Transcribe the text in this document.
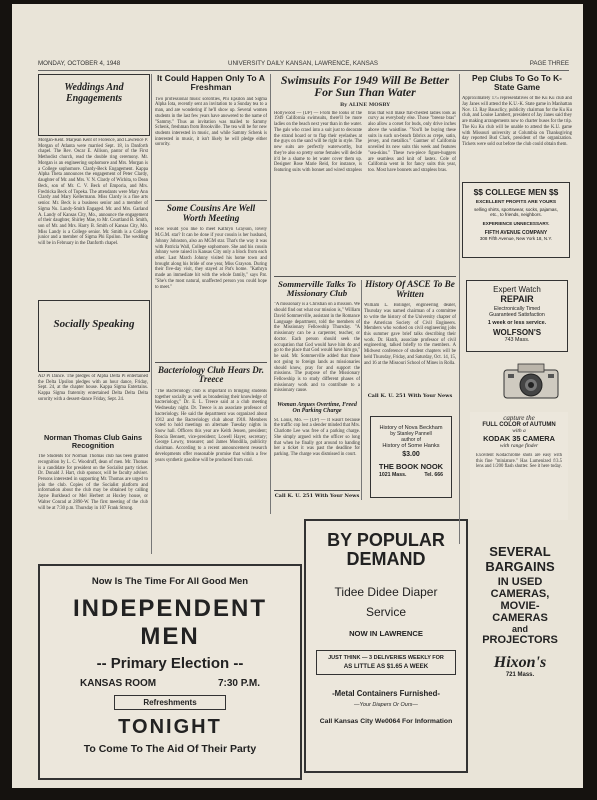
MONDAY, OCTOBER 4, 1948	UNIVERSITY DAILY KANSAN, LAWRENCE, KANSAS	PAGE THREE
Weddings And Engagements
Morgan-Kent. Marjean Kent of Florence, and Lawrence P. Morgan of Atlanta were married Sept. 18, in Danforth chapel. The Rev. Oscar E. Allison, pastor of the First Methodist church, read the double ring ceremony. Mr. Morgan is an engineering sophomore and Mrs. Morgan is a College sophomore. Clardy-Beck Engagement. Kappa Alpha Theta announces the engagement of Peter Clardy, daughter of Mr. and Mrs. V. N. Clardy of Wichita, to Dean Beck, son of Mr. C. V. Beck of Emporia, and Mrs. Fredricka Beck of Topeka. The attendants were Mary Ann Clardy and Mary Kellermann. Miss Clardy is a fine arts senior. Mr. Beck is a business senior and a member of Sigma Nu. Landy-Smith Engaged. Mr. and Mrs. Garland A. Landy of Kansas City, Mo., announce the engagement of their daughter, Shirley Mae, to Mr. Courtland B. Smith, son of Mr. and Mrs. Harry B. Smith of Kansas City, Mo. Miss Landy is a College senior. Mr. Smith is a College junior and a member of Sigma Phi Epsilon. The wedding will be in February in the Danforth chapel.
Socially Speaking
AD Pi Dance. The pledges of Alpha Delta Pi entertained the Delta Upsilon pledges with an hour dance, Friday, Sept. 24, at the chapter house. Kappa Sigma Entertains. Kappa Sigma fraternity entertained Delta Delta Delta sorority with a dessert-dance Friday, Sept. 24.
Norman Thomas Club Gains Recognition
The Students for Norman Thomas club has been granted recognition by L. C. Woodruff, dean of men. Mr. Thomas is a candidate for president on the Socialist party ticket. Dr. Donald J. Hart, club sponsor, will be faculty adviser. Persons interested in supporting Mr. Thomas are urged to join the club. Copies of the Socialist platform and information about the club may be obtained by calling Jayne Burkhead or Mel Herbert at Hoxley house, or Walter Conrad at 2890-W. The first meeting of the club will be at 7:30 p.m. Thursday in 107 Frank Strong.
It Could Happen Only To A Freshman
Two professional music sororities, Phi Epsilon and Sigma Alpha Iota, recently sent an invitation to a Sunday tea to a man, and are wondering if he'll show up. Several women students in the last few years have answered to the name of "Sammy." Thus an invitation was mailed to Sammy Schenk, freshman from Brookville. The tea will be for new students interested in music, and while Sammy Schenk is interested in music, it isn't likely he will pledge either sorority.
Some Cousins Are Well Worth Meeting
How would you like to meet Kathryn Grayson, lovely M.G.M. star? It can be done if your cousin is her husband, Johnny Johnston, also an MGM star. That's the way it was with Patricia Wall, College sophomore. She and his cousin Johnny were raised in Kansas City only a block from each other. Last March Johnny visited his home town and brought along his bride of one year, Miss Grayson. During their five-day visit, they stayed at Pat's home. "Kathryn made an immediate hit with the whole family," says Pat. "She's the most natural, unaffected person you could hope to meet."
Bacteriology Club Hears Dr. Treece
"The Bacteriology club is important in bringing students together socially as well as broadening their knowledge of bacteriology," Dr. E. L. Treece said at a club meeting Wednesday night. Dr. Treece is an associate professor of bacteriology. He said the department was organized about 1912 and the Bacteriology club about 1918. Members voted to hold meetings on alternate Tuesday nights in Snow hall. Officers this year are Keith Jensen, president; Roscia Bennett, vice-president; Lowell Hayer, secretary; George Lowry, treasurer; and James Mondilla, publicity chairman. According to a recent announcement research developments offer reasonable promise that within a few years synthetic gasoline will be produced from coal.
Swimsuits For 1949 Will Be Better For Sun Than Water
By ALINE MOSBY
Hollywood — (UP) — From the looks of the 1949 California swimsuits, there'll be more ladies on the beach next year than in the water. The gals who crawl into a suit just to decorate the strand hoard or to flap their eyelashes at the guys on the sand will be right in style. The new suits are perfectly waterworthy, but they're also so pretty some females will decide it'd be a shame to let water cover them up. Designer Rose Marie Reid, for instance, is featuring suits with bonnet and wired strapless bras that will make flat-chested ladies look as curvy as everybody else. Those "breeze bras" also allow a corset for buds, only drive inches above the waistline. "You'll be buying these suits in such un-beach fabrics as crepe, satin, jersey, and metallics." Gantner of California unveiled its new suits this week and features "sea-skins." These two-piece figure-huggers are seamless and knit of lastex. Cole of California went in for fancy suits this year, too. Most have bonnets and strapless bras.
Sommerville Talks To Missionary Club
"A missionary is a Christian on a mission. We should find out what our mission is," William David Sommerville, assistant in the Romance Language department, told the members of the Missionary Fellowship Thursday. "A missionary can be a carpenter, teacher, or doctor. Each person should seek the occupation that God would have him do and go to the place that God would have him go," he said. Mr. Sommerville added that those not going to foreign lands as missionaries should know, pray for and support the missions. The purpose of the Missionary Fellowship is to study different phases of missionary work and to contribute to a missionary cause.
Woman Argues Overtime, Freed On Parking Charge
St. Louis, Mo. — (UP) — It wasn't because the traffic cop lost a slender minded that Mrs. Charlotte Lee was free of a parking charge. She simply argued with the officer so long that when he finally got around to handing her a ticket it was past the deadline for parking. The charge was dismissed in court.
Call K. U. 251 With Your News
History Of ASCE To Be Written
William L. Bolinger, engineering dealer, Thursday was named chairman of a committee to write the history of the University chapter of the American Society of Civil Engineers. Members who worked on civil engineering jobs this summer gave brief talks describing their work. Dr. Hatch, associate professor of civil engineering, talked briefly to the members. A Midwest conference of student chapters will be held Thursday, Friday, and Saturday, Oct. 14, 15, and 16 at the Missouri School of Mines in Rolla.
Call K. U. 251 With Your News
History of Nova Beckham
by Stanley Pannell
author of
History of Some Hanks
$3.00
THE BOOK NOOK
1021 Mass.	Tel. 666
Pep Clubs To Go To K-State Game
Approximately 175 representatives of the Ku Ku club and Jay Janes will attend the K.U.-K. State game in Manhattan Nov. 13. Ray Bausclicy, publicity chairman for the Ku Ku club, and Louise Lambert, president of Jay Janes said they are making arrangements now to charter buses for the trip. The Ku Ku club will be unable to attend the K.U. game with Missouri university at Columbia on Thanksgiving day reported Bud Clark, president of the organization. Tickets were sold out before the club could obtain them.
$$ COLLEGE MEN $$
EXCELLENT PROFITS ARE YOURS
selling shirts, sportswear, socks, pajamas, etc., to friends, neighbors.
EXPERIENCE UNNECESSARY.
FIFTH AVENUE COMPANY
308 Fifth Avenue, New York 18, N.Y.
Expert Watch
REPAIR
Electronically Timed
Guaranteed Satisfaction
1 week or less service.
WOLFSON'S
743 Mass.
capture the
FULL COLOR of AUTUMN
with a
KODAK 35 CAMERA
with range finder
Excellent Kodachrome shots are easy with this fine "miniature." Has Lumenized f/3.5 lens and 1/200 flash shutter. See it here today.
Now Is The Time For All Good Men
INDEPENDENT
MEN
-- Primary Election --
KANSAS ROOM	7:30 P.M.
Refreshments
TONIGHT
To Come To The Aid Of Their Party
BY POPULAR
DEMAND
Tidee Didee Diaper
Service
NOW IN LAWRENCE
JUST THINK — 3 DELIVERIES WEEKLY FOR
AS LITTLE AS $1.65 A WEEK
-Metal Containers Furnished-
—Your Diapers Or Ours—
Call Kansas City We0064 For Information
SEVERAL
BARGAINS
IN USED
CAMERAS,
MOVIE-
CAMERAS
and
PROJECTORS
Hixon's
721 Mass.
